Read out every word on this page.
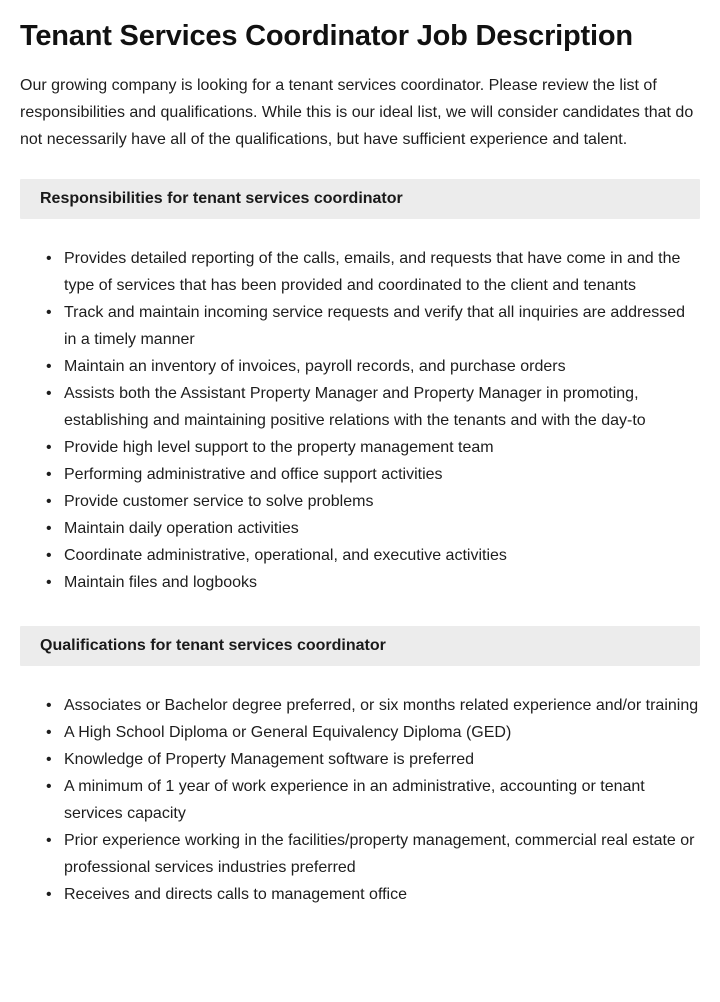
Tenant Services Coordinator Job Description

Our growing company is looking for a tenant services coordinator. Please review the list of responsibilities and qualifications. While this is our ideal list, we will consider candidates that do not necessarily have all of the qualifications, but have sufficient experience and talent.

Responsibilities for tenant services coordinator
• Provides detailed reporting of the calls, emails, and requests that have come in and the type of services that has been provided and coordinated to the client and tenants
• Track and maintain incoming service requests and verify that all inquiries are addressed in a timely manner
• Maintain an inventory of invoices, payroll records, and purchase orders
• Assists both the Assistant Property Manager and Property Manager in promoting, establishing and maintaining positive relations with the tenants and with the day-to
• Provide high level support to the property management team
• Performing administrative and office support activities
• Provide customer service to solve problems
• Maintain daily operation activities
• Coordinate administrative, operational, and executive activities
• Maintain files and logbooks
Qualifications for tenant services coordinator
• Associates or Bachelor degree preferred, or six months related experience and/or training
• A High School Diploma or General Equivalency Diploma (GED)
• Knowledge of Property Management software is preferred
• A minimum of 1 year of work experience in an administrative, accounting or tenant services capacity
• Prior experience working in the facilities/property management, commercial real estate or professional services industries preferred
• Receives and directs calls to management office
